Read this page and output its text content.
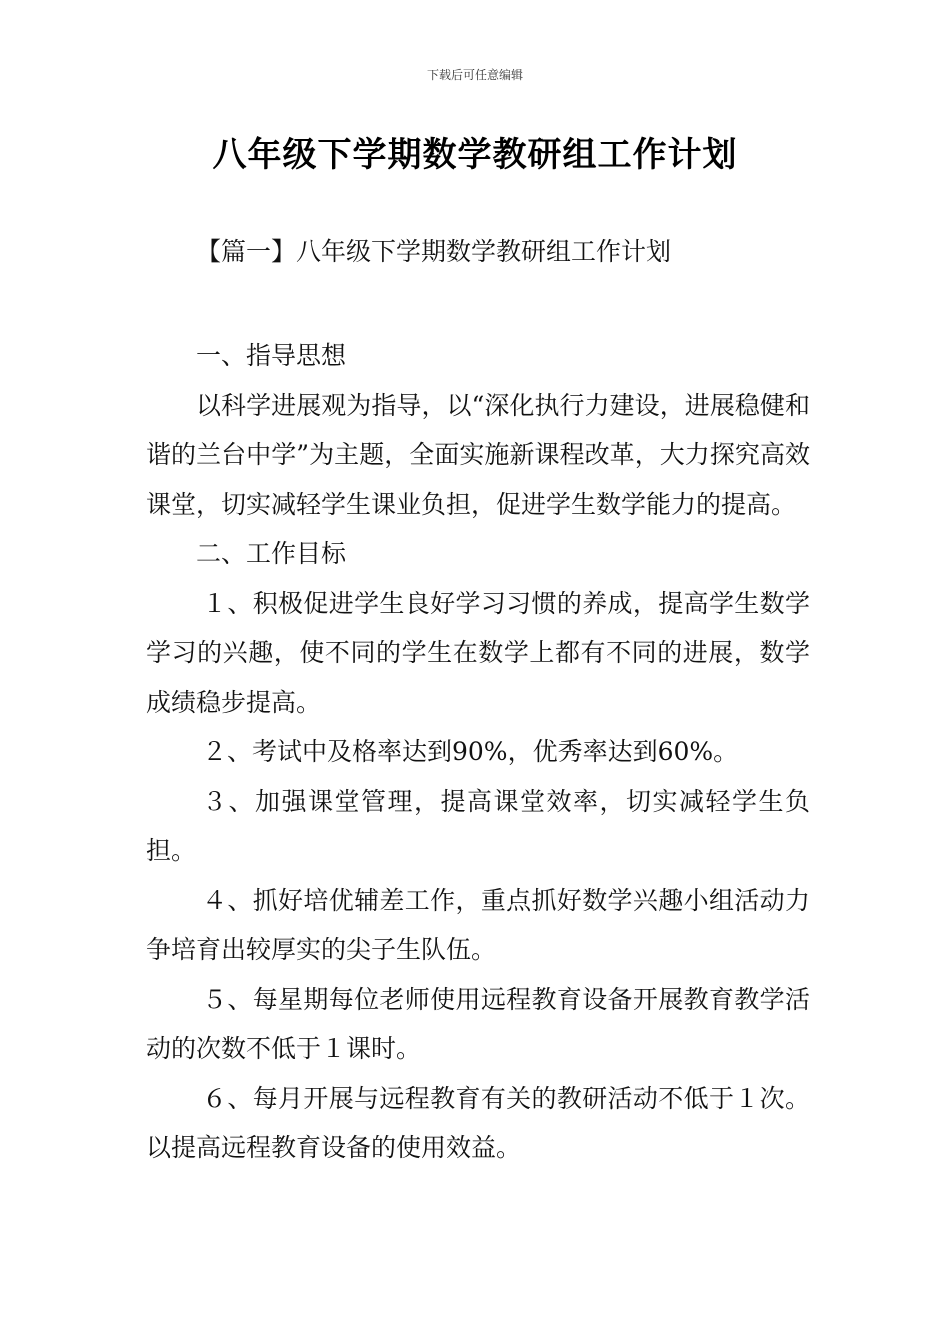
下载后可任意编辑
八年级下学期数学教研组工作计划
【篇一】八年级下学期数学教研组工作计划

一、指导思想

以科学进展观为指导，以“深化执行力建设，进展稳健和谐的兰台中学”为主题，全面实施新课程改革，大力探究高效课堂，切实减轻学生课业负担，促进学生数学能力的提高。

二、工作目标

１、积极促进学生良好学习习惯的养成，提高学生数学学习的兴趣，使不同的学生在数学上都有不同的进展，数学成绩稳步提高。

２、考试中及格率达到90%，优秀率达到60%。

３、加强课堂管理，提高课堂效率，切实减轻学生负担。

４、抓好培优辅差工作，重点抓好数学兴趣小组活动力争培育出较厚实的尖子生队伍。

５、每星期每位老师使用远程教育设备开展教育教学活动的次数不低于１课时。

６、每月开展与远程教育有关的教研活动不低于１次。以提高远程教育设备的使用效益。
